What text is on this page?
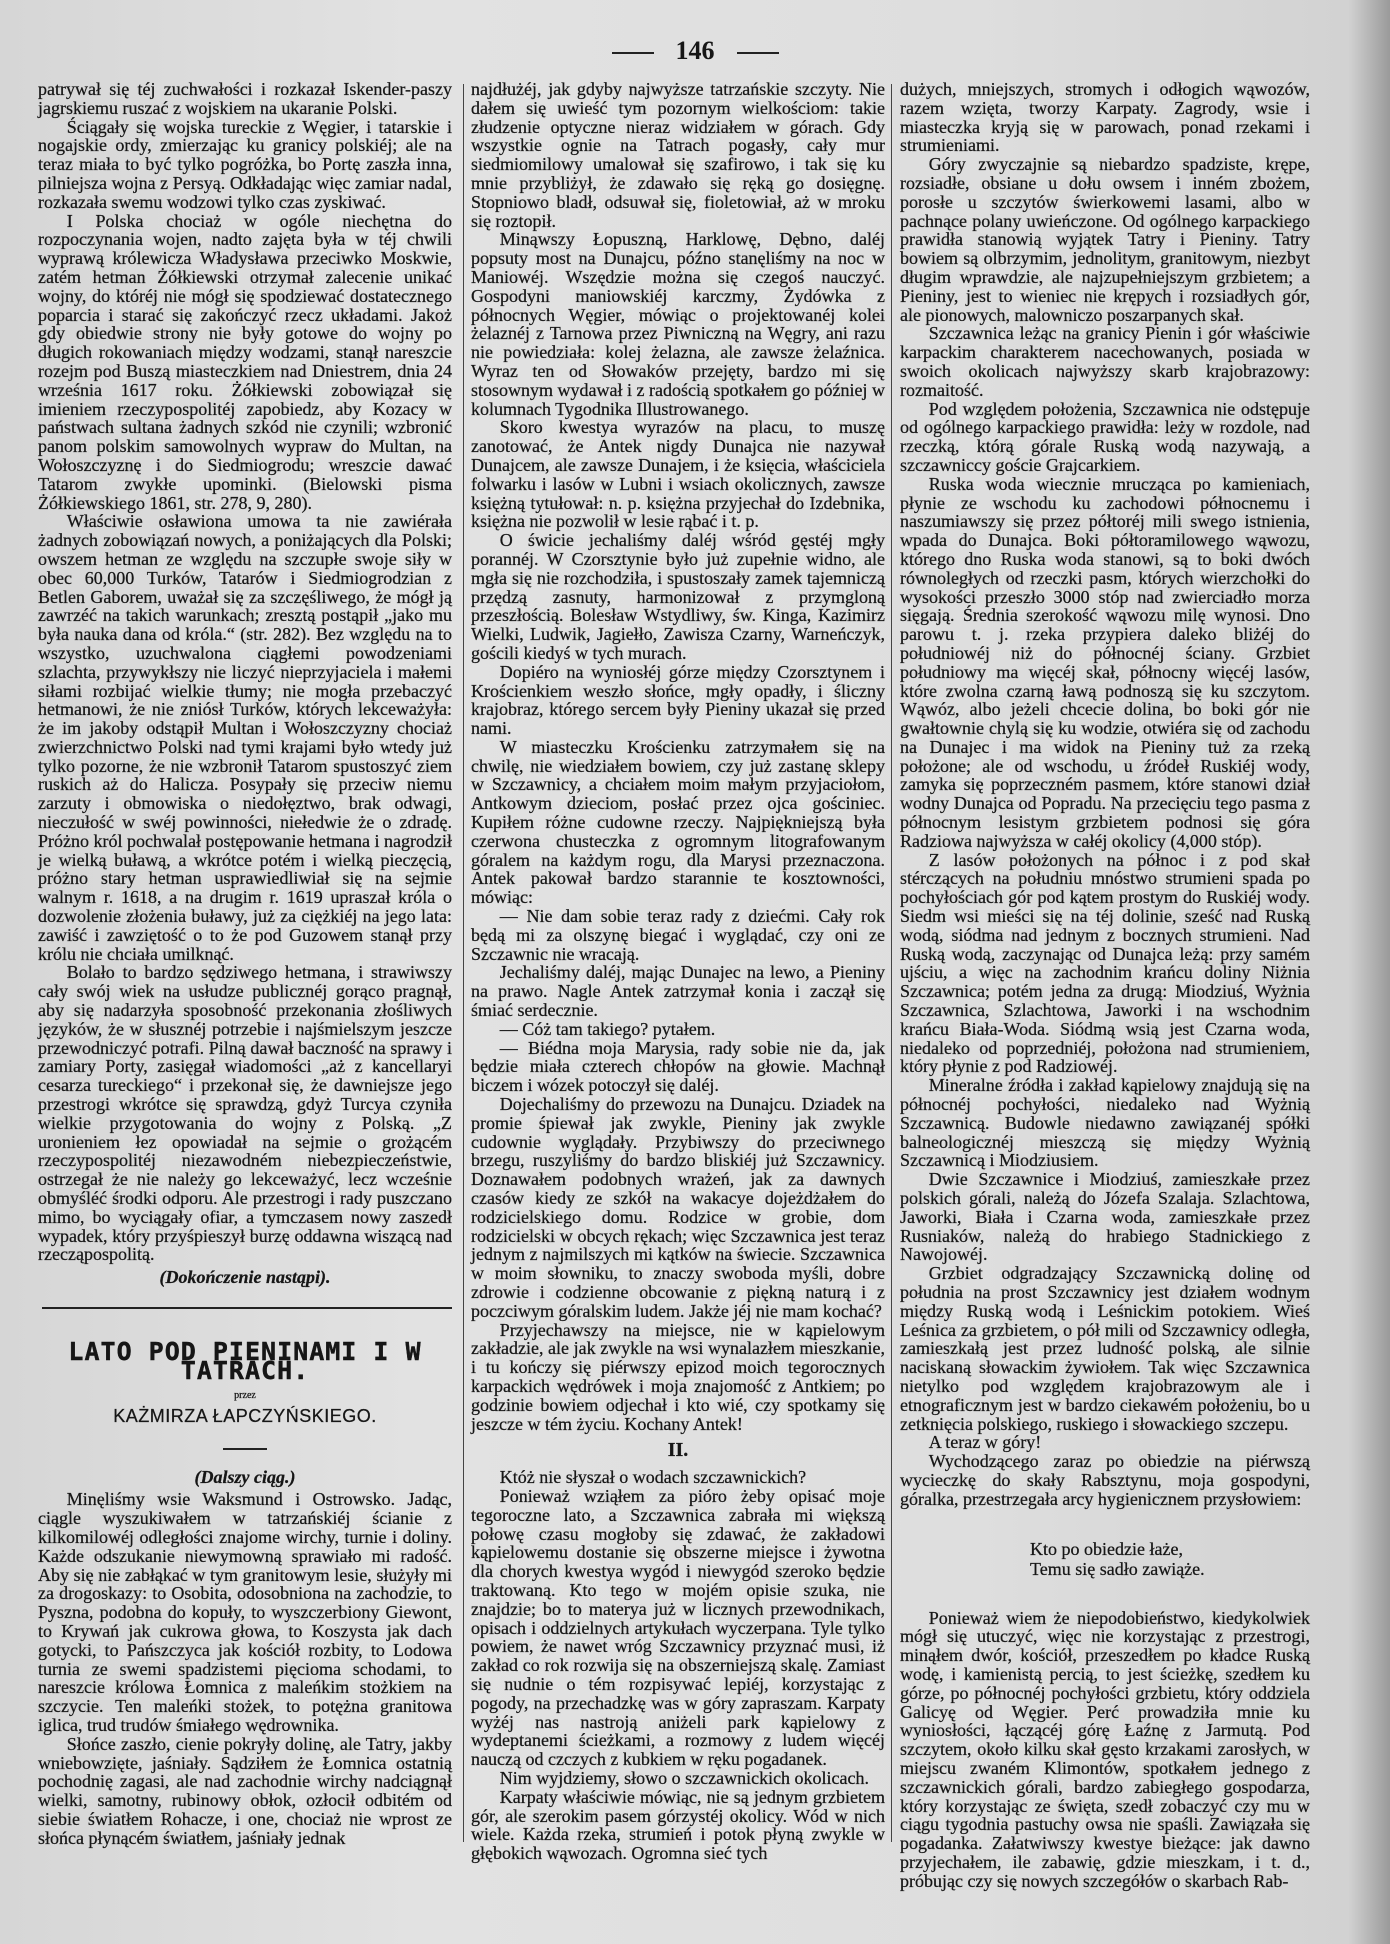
146

patrywał się téj zuchwałości i rozkazał Iskender-paszy jagrskiemu ruszać z wojskiem na ukaranie Polski.

Ściągały się wojska tureckie z Węgier, i tatarskie i nogajskie ordy, zmierzając ku granicy polskiéj; ale na teraz miała to być tylko pogróżka, bo Portę zaszła inna, pilniejsza wojna z Persyą. Odkładając więc zamiar nadal, rozkazała swemu wodzowi tylko czas zyskiwać.

I Polska chociaż w ogóle niechętna do rozpoczynania wojen, nadto zajęta była w téj chwili wyprawą królewicza Władysława przeciwko Moskwie, zatém hetman Żółkiewski otrzymał zalecenie unikać wojny, do któréj nie mógł się spodziewać dostatecznego poparcia i starać się zakończyć rzecz układami. Jakoż gdy obiedwie strony nie były gotowe do wojny po długich rokowaniach między wodzami, stanął nareszcie rozejm pod Buszą miasteczkiem nad Dniestrem, dnia 24 września 1617 roku. Żółkiewski zobowiązał się imieniem rzeczypospolitéj zapobiedz, aby Kozacy w państwach sultana żadnych szkód nie czynili; wzbronić panom polskim samowolnych wypraw do Multan, na Wołoszczyznę i do Siedmiogrodu; wreszcie dawać Tatarom zwykłe upominki. (Bielowski pisma Żółkiewskiego 1861, str. 278, 9, 280).

Właściwie osławiona umowa ta nie zawiérała żadnych zobowiązań nowych, a poniżających dla Polski; owszem hetman ze względu na szczupłe swoje siły w obec 60,000 Turków, Tatarów i Siedmiogrodzian z Betlen Gaborem, uważał się za szczęśliwego, że mógł ją zawrzéć na takich warunkach; zresztą postąpił „jako mu była nauka dana od króla.“ (str. 282). Bez względu na to wszystko, uzuchwalona ciągłemi powodzeniami szlachta, przywykłszy nie liczyć nieprzyjaciela i małemi siłami rozbijać wielkie tłumy; nie mogła przebaczyć hetmanowi, że nie zniósł Turków, których lekceważyła: że im jakoby odstąpił Multan i Wołoszczyzny chociaż zwierzchnictwo Polski nad tymi krajami było wtedy już tylko pozorne, że nie wzbronił Tatarom spustoszyć ziem ruskich aż do Halicza. Posypały się przeciw niemu zarzuty i obmowiska o niedołęztwo, brak odwagi, nieczułość w swéj powinności, niełedwie że o zdradę. Próżno król pochwalał postępowanie hetmana i nagrodził je wielką buławą, a wkrótce potém i wielką pieczęcią, próżno stary hetman usprawiedliwiał się na sejmie walnym r. 1618, a na drugim r. 1619 upraszał króla o dozwolenie złożenia buławy, już za ciężkiéj na jego lata: zawiść i zawziętość o to że pod Guzowem stanął przy królu nie chciała umilknąć.

Bolało to bardzo sędziwego hetmana, i strawiwszy cały swój wiek na usłudze publicznéj gorąco pragnął, aby się nadarzyła sposobność przekonania złośliwych języków, że w słusznéj potrzebie i najśmielszym jeszcze przewodniczyć potrafi. Pilną dawał baczność na sprawy i zamiary Porty, zasięgał wiadomości „aż z kancellaryi cesarza tureckiego“ i przekonał się, że dawniejsze jego przestrogi wkrótce się sprawdzą, gdyż Turcya czyniła wielkie przygotowania do wojny z Polską. „Z uronieniem łez opowiadał na sejmie o grożącém rzeczypospolitéj niezawodném niebezpieczeństwie, ostrzegał że nie należy go lekceważyć, lecz wcześnie obmyśléć środki odporu. Ale przestrogi i rady puszczano mimo, bo wyciągały ofiar, a tymczasem nowy zaszedł wypadek, który przyśpieszył burzę oddawna wiszącą nad rzecząpospolitą.

(Dokończenie nastąpi).
LATO POD PIENINAMI I W TATRACH.
przez
KAŻMIRZA ŁAPCZYŃSKIEGO.
(Dalszy ciąg.)

Minęliśmy wsie Waksmund i Ostrowsko. Jadąc, ciągle wyszukiwałem w tatrzańskiéj ścianie z kilkomilowéj odległości znajome wirchy, turnie i doliny. Każde odszukanie niewymowną sprawiało mi radość. Aby się nie zabłąkać w tym granitowym lesie, służyły mi za drogoskazy: to Osobita, odosobniona na zachodzie, to Pyszna, podobna do kopuły, to wyszczerbiony Giewont, to Krywań jak cukrowa głowa, to Koszysta jak dach gotycki, to Pańszczyca jak kościół rozbity, to Lodowa turnia ze swemi spadzistemi pięcioma schodami, to nareszcie królowa Łomnica z maleńkim stożkiem na szczycie. Ten maleńki stożek, to potężna granitowa iglica, trud trudów śmiałego wędrownika.

Słońce zaszło, cienie pokryły dolinę, ale Tatry, jakby wniebowzięte, jaśniały. Sądziłem że Łomnica ostatnią pochodnię zagasi, ale nad zachodnie wirchy nadciągnął wielki, samotny, rubinowy obłok, ozłocił odbitém od siebie światłem Rohacze, i one, chociaż nie wprost ze słońca płynącém światłem, jaśniały jednak

najdłużéj, jak gdyby najwyższe tatrzańskie szczyty. Nie dałem się uwieść tym pozornym wielkościom: takie złudzenie optyczne nieraz widziałem w górach. Gdy wszystkie ognie na Tatrach pogasły, cały mur siedmiomilowy umalował się szafirowo, i tak się ku mnie przybliżył, że zdawało się ręką go dosięgnę. Stopniowo bladł, odsuwał się, fioletowiał, aż w mroku się roztopił.

Minąwszy Łopuszną, Harklowę, Dębno, daléj popsuty most na Dunajcu, późno stanęliśmy na noc w Maniowéj. Wszędzie można się czegoś nauczyć. Gospodyni maniowskiéj karczmy, Żydówka z północnych Węgier, mówiąc o projektowanéj kolei żelaznéj z Tarnowa przez Piwniczną na Węgry, ani razu nie powiedziała: kolej żelazna, ale zawsze żelaźnica. Wyraz ten od Słowaków przejęty, bardzo mi się stosownym wydawał i z radością spotkałem go później w kolumnach Tygodnika Illustrowanego.

Skoro kwestya wyrazów na placu, to muszę zanotować, że Antek nigdy Dunajca nie nazywał Dunajcem, ale zawsze Dunajem, i że księcia, właściciela folwarku i lasów w Lubni i wsiach okolicznych, zawsze księżną tytułował: n. p. księżna przyjechał do Izdebnika, księżna nie pozwolił w lesie rąbać i t. p.

O świcie jechaliśmy daléj wśród gęstéj mgły porannéj. W Czorsztynie było już zupełnie widno, ale mgła się nie rozchodziła, i spustoszały zamek tajemniczą przędzą zasnuty, harmonizował z przymgloną przeszłością. Bolesław Wstydliwy, św. Kinga, Kazimirz Wielki, Ludwik, Jagiełło, Zawisza Czarny, Warneńczyk, gościli kiedyś w tych murach.

Dopiéro na wyniosłéj górze między Czorsztynem i Krościenkiem weszło słońce, mgły opadły, i śliczny krajobraz, którego sercem były Pieniny ukazał się przed nami.

W miasteczku Krościenku zatrzymałem się na chwilę, nie wiedziałem bowiem, czy już zastanę sklepy w Szczawnicy, a chciałem moim małym przyjaciołom, Antkowym dzieciom, posłać przez ojca gościniec. Kupiłem różne cudowne rzeczy. Najpiękniejszą była czerwona chusteczka z ogromnym litografowanym góralem na każdym rogu, dla Marysi przeznaczona. Antek pakował bardzo starannie te kosztowności, mówiąc:

— Nie dam sobie teraz rady z dziećmi. Cały rok będą mi za olszynę biegać i wyglądać, czy oni ze Szczawnic nie wracają.

Jechaliśmy daléj, mając Dunajec na lewo, a Pieniny na prawo. Nagle Antek zatrzymał konia i zaczął się śmiać serdecznie.

— Cóż tam takiego? pytałem.

— Biédna moja Marysia, rady sobie nie da, jak będzie miała czterech chłopów na głowie. Machnął biczem i wózek potoczył się daléj.

Dojechaliśmy do przewozu na Dunajcu. Dziadek na promie śpiewał jak zwykle, Pieniny jak zwykle cudownie wyglądały. Przybiwszy do przeciwnego brzegu, ruszyliśmy do bardzo bliskiéj już Szczawnicy. Doznawałem podobnych wrażeń, jak za dawnych czasów kiedy ze szkół na wakacye dojeżdżałem do rodzicielskiego domu. Rodzice w grobie, dom rodzicielski w obcych rękach; więc Szczawnica jest teraz jednym z najmilszych mi kątków na świecie. Szczawnica w moim słowniku, to znaczy swoboda myśli, dobre zdrowie i codzienne obcowanie z piękną naturą i z poczciwym góralskim ludem. Jakże jéj nie mam kochać?

Przyjechawszy na miejsce, nie w kąpielowym zakładzie, ale jak zwykle na wsi wynalazłem mieszkanie, i tu kończy się piérwszy epizod moich tegorocznych karpackich wędrówek i moja znajomość z Antkiem; po godzinie bowiem odjechał i kto wié, czy spotkamy się jeszcze w tém życiu. Kochany Antek!

II.

Któż nie słyszał o wodach szczawnickich?

Ponieważ wziąłem za pióro żeby opisać moje tegoroczne lato, a Szczawnica zabrała mi większą połowę czasu mogłoby się zdawać, że zakładowi kąpielowemu dostanie się obszerne miejsce i żywotna dla chorych kwestya wygód i niewygód szeroko będzie traktowaną. Kto tego w mojém opisie szuka, nie znajdzie; bo to materya już w licznych przewodnikach, opisach i oddzielnych artykułach wyczerpana. Tyle tylko powiem, że nawet wróg Szczawnicy przyznać musi, iż zakład co rok rozwija się na obszerniejszą skalę. Zamiast się nudnie o tém rozpisywać lepiéj, korzystając z pogody, na przechadzkę was w góry zapraszam. Karpaty wyżéj nas nastroją aniżeli park kąpielowy z wydeptanemi ścieżkami, a rozmowy z ludem więcéj nauczą od czczych z kubkiem w ręku pogadanek.

Nim wyjdziemy, słowo o szczawnickich okolicach.

Karpaty właściwie mówiąc, nie są jednym grzbietem gór, ale szerokim pasem górzystéj okolicy. Wód w nich wiele. Każda rzeka, strumień i potok płyną zwykle w głębokich wąwozach. Ogromna sieć tych

dużych, mniejszych, stromych i odłogich wąwozów, razem wzięta, tworzy Karpaty. Zagrody, wsie i miasteczka kryją się w parowach, ponad rzekami i strumieniami.

Góry zwyczajnie są niebardzo spadziste, krępe, rozsiadłe, obsiane u dołu owsem i inném zbożem, porosłe u szczytów świerkowemi lasami, albo w pachnące polany uwieńczone. Od ogólnego karpackiego prawidła stanowią wyjątek Tatry i Pieniny. Tatry bowiem są olbrzymim, jednolitym, granitowym, niezbyt długim wprawdzie, ale najzupełniejszym grzbietem; a Pieniny, jest to wieniec nie krępych i rozsiadłych gór, ale pionowych, malowniczo poszarpanych skał.

Szczawnica leżąc na granicy Pienin i gór właściwie karpackim charakterem nacechowanych, posiada w swoich okolicach najwyższy skarb krajobrazowy: rozmaitość.

Pod względem położenia, Szczawnica nie odstępuje od ogólnego karpackiego prawidła: leży w rozdole, nad rzeczką, którą górale Ruską wodą nazywają, a szczawniccy goście Grajcarkiem.

Ruska woda wiecznie mrucząca po kamieniach, płynie ze wschodu ku zachodowi północnemu i naszumiawszy się przez półtoréj mili swego istnienia, wpada do Dunajca. Boki półtoramilowego wąwozu, którego dno Ruska woda stanowi, są to boki dwóch równoległych od rzeczki pasm, których wierzchołki do wysokości przeszło 3000 stóp nad zwierciadło morza sięgają. Średnia szerokość wąwozu milę wynosi. Dno parowu t. j. rzeka przypiera daleko bliżéj do południowéj niż do północnéj ściany. Grzbiet południowy ma więcéj skał, północny więcéj lasów, które zwolna czarną ławą podnoszą się ku szczytom. Wąwóz, albo jeżeli chcecie dolina, bo boki gór nie gwałtownie chylą się ku wodzie, otwiéra się od zachodu na Dunajec i ma widok na Pieniny tuż za rzeką położone; ale od wschodu, u źródeł Ruskiéj wody, zamyka się poprzeczném pasmem, które stanowi dział wodny Dunajca od Popradu. Na przecięciu tego pasma z północnym lesistym grzbietem podnosi się góra Radziowa najwyższa w całéj okolicy (4,000 stóp).

Z lasów położonych na północ i z pod skał stérczących na południu mnóstwo strumieni spada po pochyłościach gór pod kątem prostym do Ruskiéj wody. Siedm wsi mieści się na téj dolinie, sześć nad Ruską wodą, siódma nad jednym z bocznych strumieni. Nad Ruską wodą, zaczynając od Dunajca leżą: przy samém ujściu, a więc na zachodnim krańcu doliny Niżnia Szczawnica; potém jedna za drugą: Miodziuś, Wyżnia Szczawnica, Szlachtowa, Jaworki i na wschodnim krańcu Biała-Woda. Siódmą wsią jest Czarna woda, niedaleko od poprzedniéj, położona nad strumieniem, który płynie z pod Radziowéj.

Mineralne źródła i zakład kąpielowy znajdują się na północnéj pochyłości, niedaleko nad Wyżnią Szczawnicą. Budowle niedawno zawiązanéj spółki balneologicznéj mieszczą się między Wyżnią Szczawnicą i Miodziusiem.

Dwie Szczawnice i Miodziuś, zamieszkałe przez polskich górali, należą do Józefa Szalaja. Szlachtowa, Jaworki, Biała i Czarna woda, zamieszkałe przez Rusniaków, należą do hrabiego Stadnickiego z Nawojowéj.

Grzbiet odgradzający Szczawnicką dolinę od południa na prost Szczawnicy jest działem wodnym między Ruską wodą i Leśnickim potokiem. Wieś Leśnica za grzbietem, o pół mili od Szczawnicy odległa, zamieszkałą jest przez ludność polską, ale silnie naciskaną słowackim żywiołem. Tak więc Szczawnica nietylko pod względem krajobrazowym ale i etnograficznym jest w bardzo ciekawém położeniu, bo u zetknięcia polskiego, ruskiego i słowackiego szczepu.

A teraz w góry!

Wychodzącego zaraz po obiedzie na piérwszą wycieczkę do skały Rabsztynu, moja gospodyni, góralka, przestrzegała arcy hygienicznem przysłowiem:

Kto po obiedzie łaże,
Temu się sadło zawiąże.

Ponieważ wiem że niepodobieństwo, kiedykolwiek mógł się utuczyć, więc nie korzystając z przestrogi, minąłem dwór, kościół, przeszedłem po kładce Ruską wodę, i kamienistą percią, to jest ścieżkę, szedłem ku górze, po północnéj pochyłości grzbietu, który oddziela Galicyę od Węgier. Perć prowadziła mnie ku wyniosłości, łączącéj górę Łaźnę z Jarmutą. Pod szczytem, około kilku skał gęsto krzakami zarosłych, w miejscu zwaném Klimontów, spotkałem jednego z szczawnickich górali, bardzo zabiegłego gospodarza, który korzystając ze święta, szedł zobaczyć czy mu w ciągu tygodnia pastuchy owsa nie spaśli. Zawiązała się pogadanka. Załatwiwszy kwestye bieżące: jak dawno przyjechałem, ile zabawię, gdzie mieszkam, i t. d., próbując czy się nowych szczegółów o skarbach Rab-
